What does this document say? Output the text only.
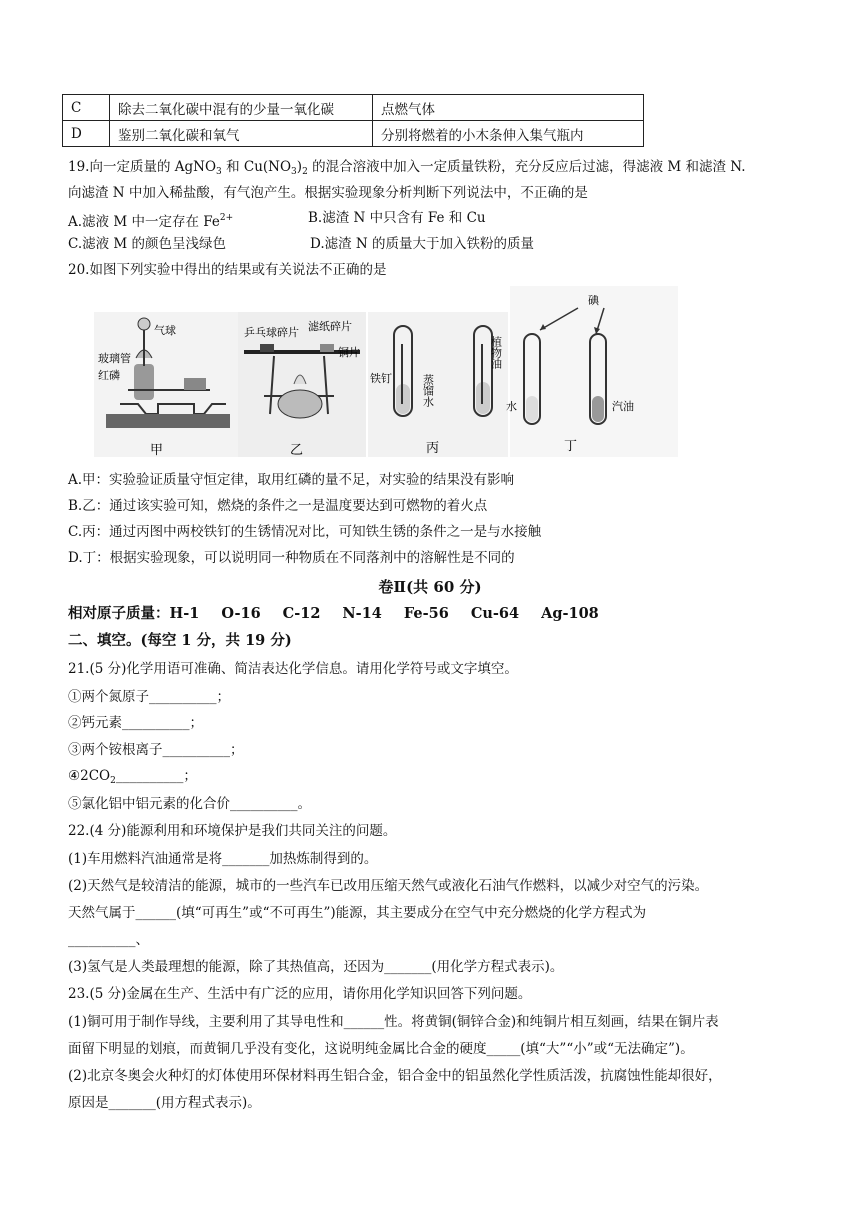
C	除去二氧化碳中混有的少量一氧化碳	点燃气体
D	鉴别二氧化碳和氧气	分别将燃着的小木条伸入集气瓶内
19.向一定质量的 AgNO$_3$ 和 $Cu(NO_3)_2$ 的混合溶液中加入一定质量铁粉，充分反应后过滤，得滤液 M 和滤渣 N.
向滤渣 N 中加入稀盐酸，有气泡产生。根据实验现象分析判断下列说法中，不正确的是
A.滤液 M 中一定存在 $Fe^{2+}$	B.滤渣 N 中只含有 Fe 和 Cu
C.滤液 M 的颜色呈浅绿色	D.滤渣 N 的质量大于加入铁粉的质量
20.如图下列实验中得出的结果或有关说法不正确的是
气球
玻璃管
红磷
甲
乒乓球碎片 滤纸碎片
铜片
乙
铁钉	蒸馏水
植物油
丙
碘
水	汽油
丁
A.甲：实验验证质量守恒定律，取用红磷的量不足，对实验的结果没有影响
B.乙：通过该实验可知，燃烧的条件之一是温度要达到可燃物的着火点
C.丙：通过丙图中两校铁钉的生锈情况对比，可知铁生锈的条件之一是与水接触
D.丁：根据实验现象，可以说明同一种物质在不同落剂中的溶解性是不同的
卷Ⅱ(共 60 分)
相对原子质量：H-1 O-16 C-12 N-14 Fe-56 Cu-64 Ag-108
二、填空。(每空 1 分，共 19 分)
21.(5 分)化学用语可准确、简洁表达化学信息。请用化学符号或文字填空。
①两个氮原子__________；
②钙元素__________；
③两个铵根离子__________；
$④2CO_2\_\_\_\_\_\_\_\_\_\_$；
⑤氯化铝中铝元素的化合价__________。
22.(4 分)能源利用和环境保护是我们共同关注的问题。
(1)车用燃料汽油通常是将_______加热炼制得到的。
(2)天然气是较清洁的能源，城市的一些汽车已改用压缩天然气或液化石油气作燃料，以减少对空气的污染。
天然气属于______(填“可再生”或“不可再生”)能源，其主要成分在空气中充分燃烧的化学方程式为
__________、
(3)氢气是人类最理想的能源，除了其热值高，还因为_______(用化学方程式表示)。
23.(5 分)金属在生产、生活中有广泛的应用，请你用化学知识回答下列问题。
(1)铜可用于制作导线，主要利用了其导电性和______性。将黄铜(铜锌合金)和纯铜片相互刻画，结果在铜片表
面留下明显的划痕，而黄铜几乎没有变化，这说明纯金属比合金的硬度_____(填“大”“小”或“无法确定”)。
(2)北京冬奥会火种灯的灯体使用环保材料再生铝合金，铝合金中的铝虽然化学性质活泼，抗腐蚀性能却很好，
原因是_______(用方程式表示)。
